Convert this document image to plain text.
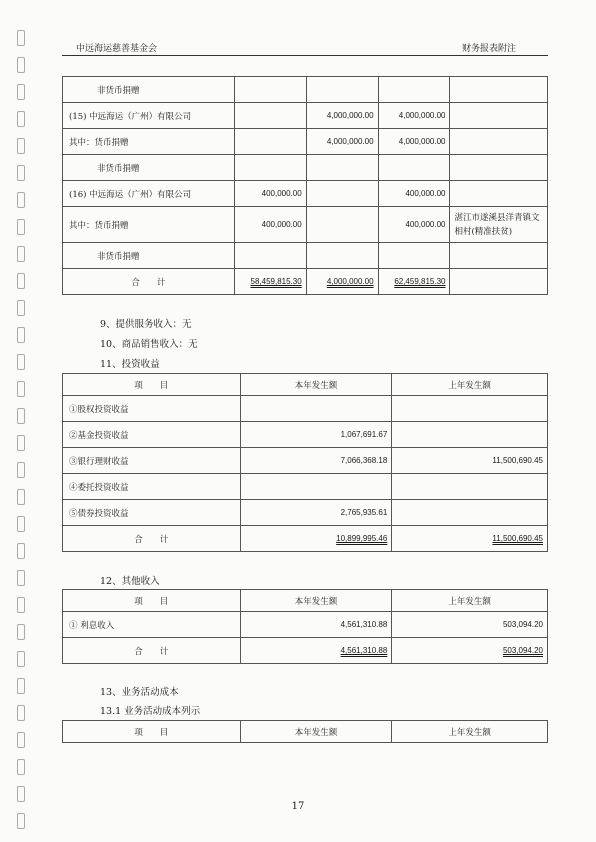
中远海运慈善基金会	财务报表附注
非货币捐赠				
(15) 中远海运（广州）有限公司		4,000,000.00	4,000,000.00	
其中：货币捐赠		4,000,000.00	4,000,000.00	
非货币捐赠				
(16) 中远海运（广州）有限公司	400,000.00		400,000.00	
其中：货币捐赠	400,000.00		400,000.00	湛江市遂溪县洋青镇文相村(精准扶贫)
非货币捐赠				
合　　计	58,459,815.30	4,000,000.00	62,459,815.30	
9、提供服务收入：无
10、商品销售收入：无
11、投资收益
项　　目	本年发生额	上年发生额
①股权投资收益		
②基金投资收益	1,067,691.67	
③银行理财收益	7,066,368.18	11,500,690.45
④委托投资收益		
⑤债券投资收益	2,765,935.61	
合　　计	10,899,995.46	11,500,690.45
12、其他收入
项　　目	本年发生额	上年发生额
① 利息收入	4,561,310.88	503,094.20
合　　计	4,561,310.88	503,094.20
13、业务活动成本
13.1 业务活动成本列示
项　　目	本年发生额	上年发生额
17
